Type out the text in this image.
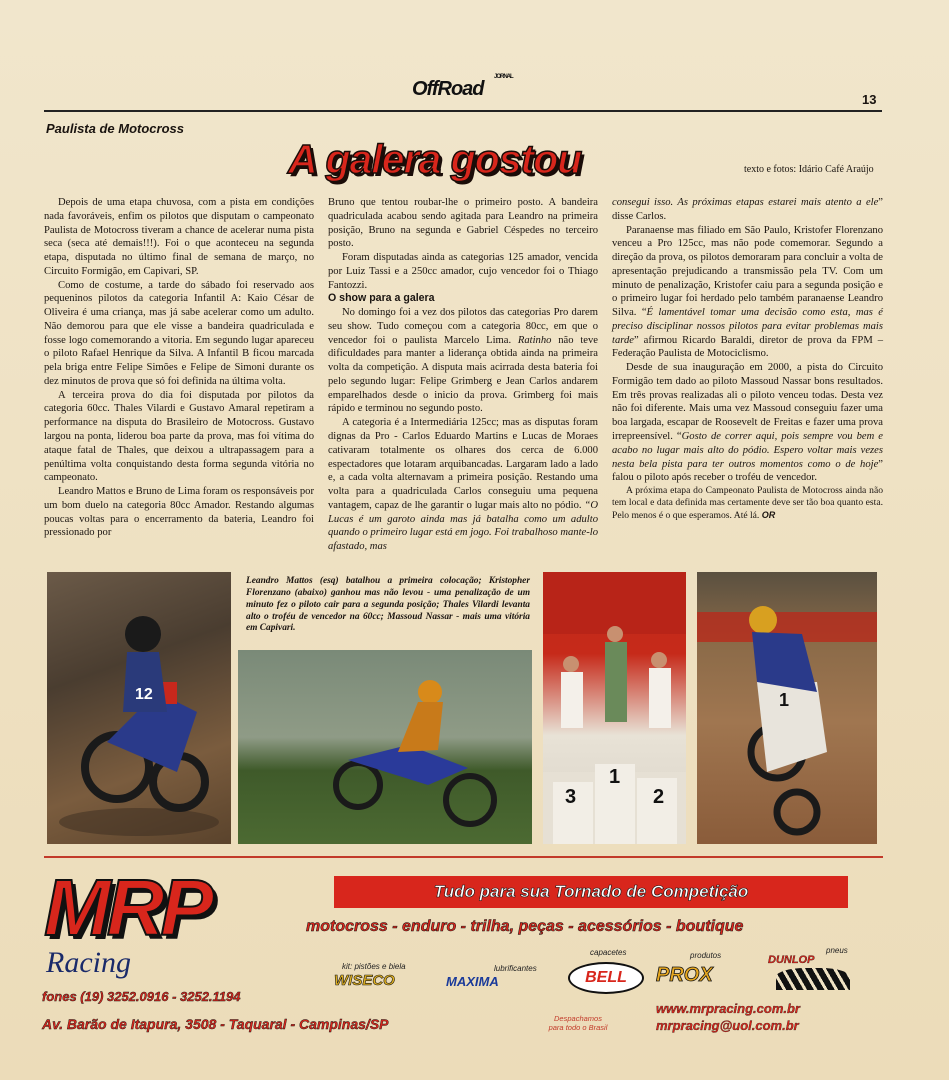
OffRoad
JORNAL
13
Paulista de Motocross
A galera gostou	texto e fotos: Idário Café Araújo

Depois de uma etapa chuvosa, com a pista em condições nada favoráveis, enfim os pilotos que disputam o campeonato Paulista de Motocross tiveram a chance de acelerar numa pista seca (seca até demais!!!). Foi o que aconteceu na segunda etapa, disputada no último final de semana de março, no Circuito Formigão, em Capivari, SP.

Como de costume, a tarde do sábado foi reservado aos pequeninos pilotos da categoria Infantil A: Kaio César de Oliveira é uma criança, mas já sabe acelerar como um adulto. Não demorou para que ele visse a bandeira quadriculada e fosse logo comemorando a vitoria. Em segundo lugar apareceu o piloto Rafael Henrique da Silva. A Infantil B ficou marcada pela briga entre Felipe Simões e Felipe de Simoni durante os dez minutos de prova que só foi definida na última volta.

A terceira prova do dia foi disputada por pilotos da categoria 60cc. Thales Vilardi e Gustavo Amaral repetiram a performance na disputa do Brasileiro de Motocross. Gustavo largou na ponta, liderou boa parte da prova, mas foi vítima do ataque fatal de Thales, que deixou a ultrapassagem para a penúltima volta conquistando desta forma segunda vitória no campeonato.

Leandro Mattos e Bruno de Lima foram os responsáveis por um bom duelo na categoria 80cc Amador. Restando algumas poucas voltas para o encerramento da bateria, Leandro foi pressionado por

Bruno que tentou roubar-lhe o primeiro posto. A bandeira quadriculada acabou sendo agitada para Leandro na primeira posição, Bruno na segunda e Gabriel Céspedes no terceiro posto.

Foram disputadas ainda as categorias 125 amador, vencida por Luiz Tassi e a 250cc amador, cujo vencedor foi o Thiago Fantozzi.

O show para a galera

No domingo foi a vez dos pilotos das categorias Pro darem seu show. Tudo começou com a categoria 80cc, em que o vencedor foi o paulista Marcelo Lima. Ratinho não teve dificuldades para manter a liderança obtida ainda na primeira volta da competição. A disputa mais acirrada desta bateria foi pelo segundo lugar: Felipe Grimberg e Jean Carlos andarem emparelhados desde o inicio da prova. Grimberg foi mais rápido e terminou no segundo posto.

A categoria é a Intermediária 125cc; mas as disputas foram dignas da Pro - Carlos Eduardo Martins e Lucas de Moraes cativaram totalmente os olhares dos cerca de 6.000 espectadores que lotaram arquibancadas. Largaram lado a lado e, a cada volta alternavam a primeira posição. Restando uma volta para a quadriculada Carlos conseguiu uma pequena vantagem, capaz de lhe garantir o lugar mais alto no pódio. “O Lucas é um garoto ainda mas já batalha como um adulto quando o primeiro lugar está em jogo. Foi trabalhoso mante-lo afastado, mas

consegui isso. As próximas etapas estarei mais atento a ele” disse Carlos.

Paranaense mas filiado em São Paulo, Kristofer Florenzano venceu a Pro 125cc, mas não pode comemorar. Segundo a direção da prova, os pilotos demoraram para concluir a volta de apresentação prejudicando a transmissão pela TV. Com um minuto de penalização, Kristofer caiu para a segunda posição e o primeiro lugar foi herdado pelo também paranaense Leandro Silva. “É lamentável tomar uma decisão como esta, mas é preciso disciplinar nossos pilotos para evitar problemas mais tarde” afirmou Ricardo Baraldi, diretor de prova da FPM – Federação Paulista de Motociclismo.

Desde de sua inauguração em 2000, a pista do Circuito Formigão tem dado ao piloto Massoud Nassar bons resultados. Em três provas realizadas ali o piloto venceu todas. Desta vez não foi diferente. Mais uma vez Massoud conseguiu fazer uma boa largada, escapar de Roosevelt de Freitas e fazer uma prova irrepreensível. “Gosto de correr aqui, pois sempre vou bem e acabo no lugar mais alto do pódio. Espero voltar mais vezes nesta bela pista para ter outros momentos como o de hoje” falou o piloto após receber o troféu de vencedor.

A próxima etapa do Campeonato Paulista de Motocross ainda não tem local e data definida mas certamente deve ser tão boa quanto esta. Pelo menos é o que esperamos. Até lá. OR

12
Leandro Mattos (esq) batalhou a primeira colocação; Kristopher Florenzano (abaixo) ganhou mas não levou - uma penalização de um minuto fez o piloto cair para a segunda posição; Thales Vilardi levanta alto o troféu de vencedor na 60cc; Massoud Nassar - mais uma vitória em Capivari.
3
1
2
1
MRP
Racing
Tudo para sua Tornado de Competição
motocross - enduro - trilha, peças - acessórios - boutique
kit: pistões e biela
WISECO
lubrificantes
MAXIMA
capacetes
BELL
produtos
PROX
pneus
DUNLOP
fones (19) 3252.0916 - 3252.1194
Av. Barão de Itapura, 3508 - Taquaral - Campinas/SP	Despachamos para todo o Brasil
www.mrpracing.com.br
mrpracing@uol.com.br
